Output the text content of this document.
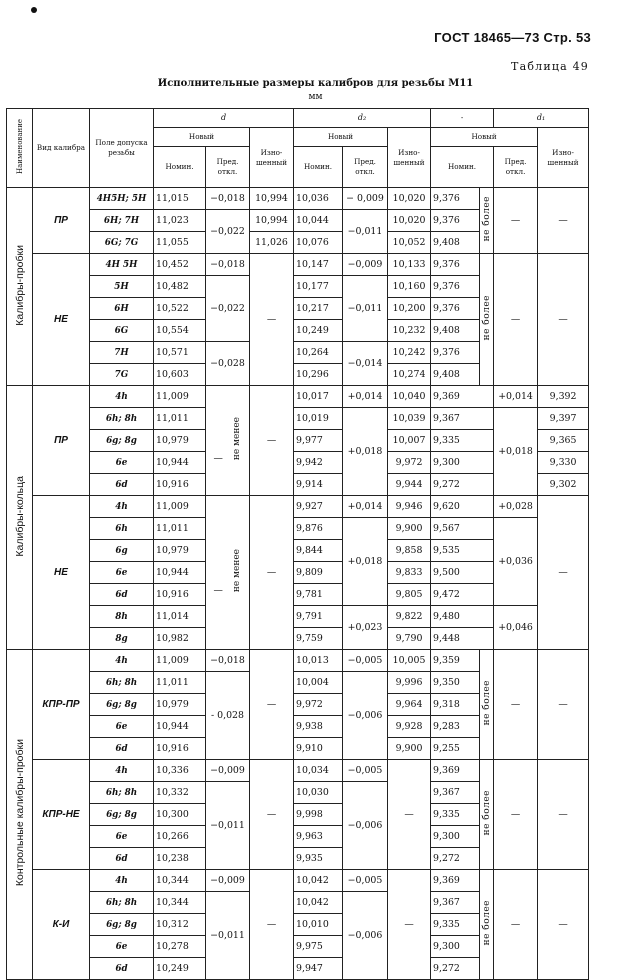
ГОСТ 18465—73 Стр. 53
Таблица 49
Исполнительные размеры калибров для резьбы М11
мм
Наименование	Вид калибра	Поле допуска резьбы	d			d₂			-		d₁	
			Новый		Изно-шенный	Новый		Изно-шенный	Новый			Изно-шенный
			Номин.	Пред. откл.		Номин.	Пред. откл.		Номин.		Пред. откл.	
Калибры-пробки	ПР	4H5H; 5H	11,015	−0,018	10,994	10,036	− 0,009	10,020	9,376	не более	—	—
		6H; 7H	11,023	−0,022	10,994	10,044	−0,011	10,020	9,376			
		6G; 7G	11,055		11,026	10,076		10,052	9,408			
	НЕ	4H 5H	10,452	−0,018	—	10,147	−0,009	10,133	9,376	не более	—	—
		5H	10,482	−0,022		10,177	−0,011	10,160	9,376			
		6H	10,522			10,217		10,200	9,376			
		6G	10,554			10,249		10,232	9,408			
		7H	10,571	−0,028		10,264	−0,014	10,242	9,376			
		7G	10,603			10,296		10,274	9,408			
Калибры-кольца	ПР	4h	11,009	— не менее	—	10,017	+0,014	10,040	9,369		+0,014	9,392
		6h; 8h	11,011			10,019	+0,018	10,039	9,367		+0,018	9,397
		6g; 8g	10,979			9,977		10,007	9,335			9,365
		6e	10,944			9,942		9,972	9,300			9,330
		6d	10,916			9,914		9,944	9,272			9,302
	НЕ	4h	11,009	— не менее	—	9,927	+0,014	9,946	9,620		+0,028	—
		6h	11,011			9,876	+0,018	9,900	9,567		+0,036	
		6g	10,979			9,844		9,858	9,535			
		6e	10,944			9,809		9,833	9,500			
		6d	10,916			9,781		9,805	9,472			
		8h	11,014			9,791	+0,023	9,822	9,480		+0,046	
		8g	10,982			9,759		9,790	9,448			
Контрольные калибры-пробки	КПР-ПР	4h	11,009	−0,018	—	10,013	−0,005	10,005	9,359	не более	—	—
		6h; 8h	11,011	- 0,028		10,004	−0,006	9,996	9,350			
		6g; 8g	10,979			9,972		9,964	9,318			
		6e	10,944			9,938		9,928	9,283			
		6d	10,916			9,910		9,900	9,255			
	КПР-НЕ	4h	10,336	−0,009	—	10,034	−0,005	—	9,369	не более	—	—
		6h; 8h	10,332	−0,011		10,030	−0,006		9,367			
		6g; 8g	10,300			9,998			9,335			
		6e	10,266			9,963			9,300			
		6d	10,238			9,935			9,272			
	К-И	4h	10,344	−0,009	—	10,042	−0,005	—	9,369	не более	—	—
		6h; 8h	10,344	−0,011		10,042	−0,006		9,367			
		6g; 8g	10,312			10,010			9,335			
		6e	10,278			9,975			9,300			
		6d	10,249			9,947			9,272			
